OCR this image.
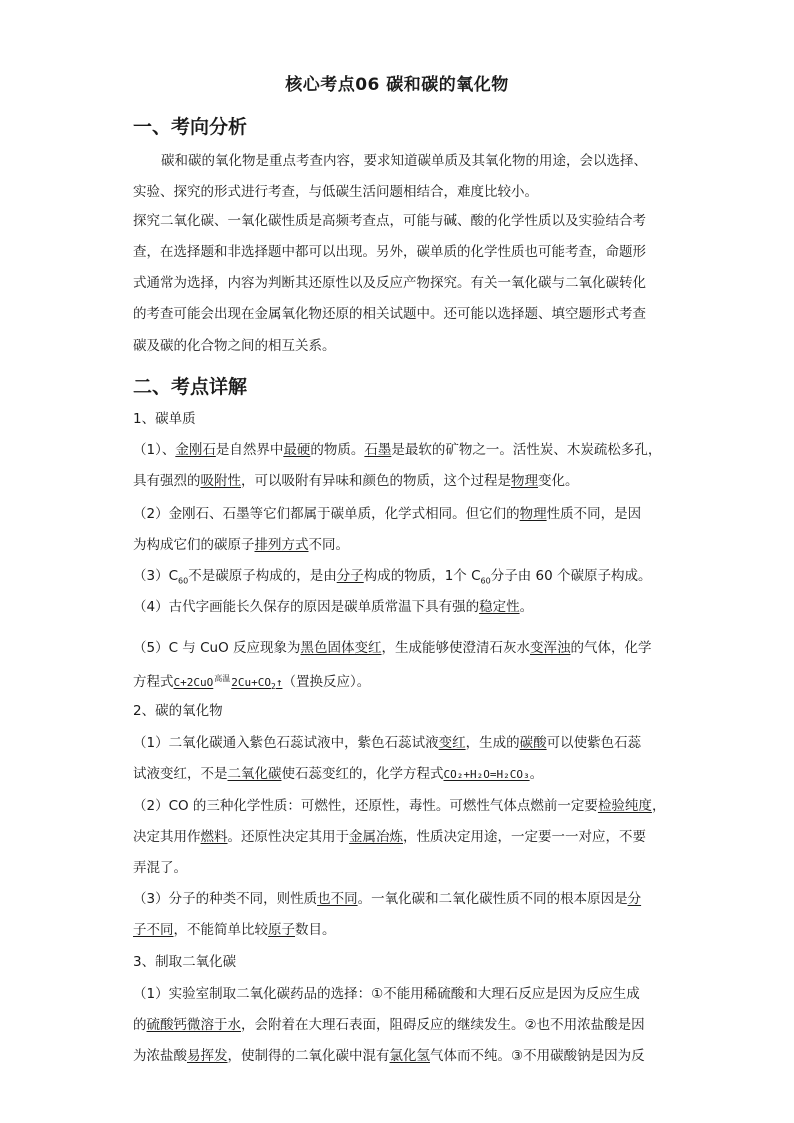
核心考点06 碳和碳的氧化物
一、考向分析
碳和碳的氧化物是重点考查内容，要求知道碳单质及其氧化物的用途，会以选择、
实验、探究的形式进行考查，与低碳生活问题相结合，难度比较小。
探究二氧化碳、一氧化碳性质是高频考查点，可能与碱、酸的化学性质以及实验结合考
查，在选择题和非选择题中都可以出现。另外，碳单质的化学性质也可能考查，命题形
式通常为选择，内容为判断其还原性以及反应产物探究。有关一氧化碳与二氧化碳转化
的考查可能会出现在金属氧化物还原的相关试题中。还可能以选择题、填空题形式考查
碳及碳的化合物之间的相互关系。
二、考点详解
1、碳单质
（1）、金刚石是自然界中最硬的物质。石墨是最软的矿物之一。活性炭、木炭疏松多孔，
具有强烈的吸附性，可以吸附有异味和颜色的物质，这个过程是物理变化。
（2）金刚石、石墨等它们都属于碳单质，化学式相同。但它们的物理性质不同，是因
为构成它们的碳原子排列方式不同。
$(3)C_{60}$不是碳原子构成的，是由分子构成的物质，1个 $C_{60}$分子由 60 个碳原子构成。
（4）古代字画能长久保存的原因是碳单质常温下具有强的稳定性。
（5）C 与 CuO 反应现象为黑色固体变红，生成能够使澄清石灰水变浑浊的气体，化学
方程式C+2CuO高温$2Cu+CO_2↑$（置换反应）。
2、碳的氧化物
（1）二氧化碳通入紫色石蕊试液中，紫色石蕊试液变红，生成的碳酸可以使紫色石蕊
试液变红，不是二氧化碳使石蕊变红的，化学方程式CO₂+H₂O=H₂CO₃。
（2）CO 的三种化学性质：可燃性，还原性，毒性。可燃性气体点燃前一定要检验纯度，
决定其用作燃料。还原性决定其用于金属冶炼，性质决定用途，一定要一一对应，不要
弄混了。
（3）分子的种类不同，则性质也不同。一氧化碳和二氧化碳性质不同的根本原因是分
子不同，不能简单比较原子数目。
3、制取二氧化碳
（1）实验室制取二氧化碳药品的选择：①不能用稀硫酸和大理石反应是因为反应生成
的硫酸钙微溶于水，会附着在大理石表面，阻碍反应的继续发生。②也不用浓盐酸是因
为浓盐酸易挥发，使制得的二氧化碳中混有氯化氢气体而不纯。③不用碳酸钠是因为反
